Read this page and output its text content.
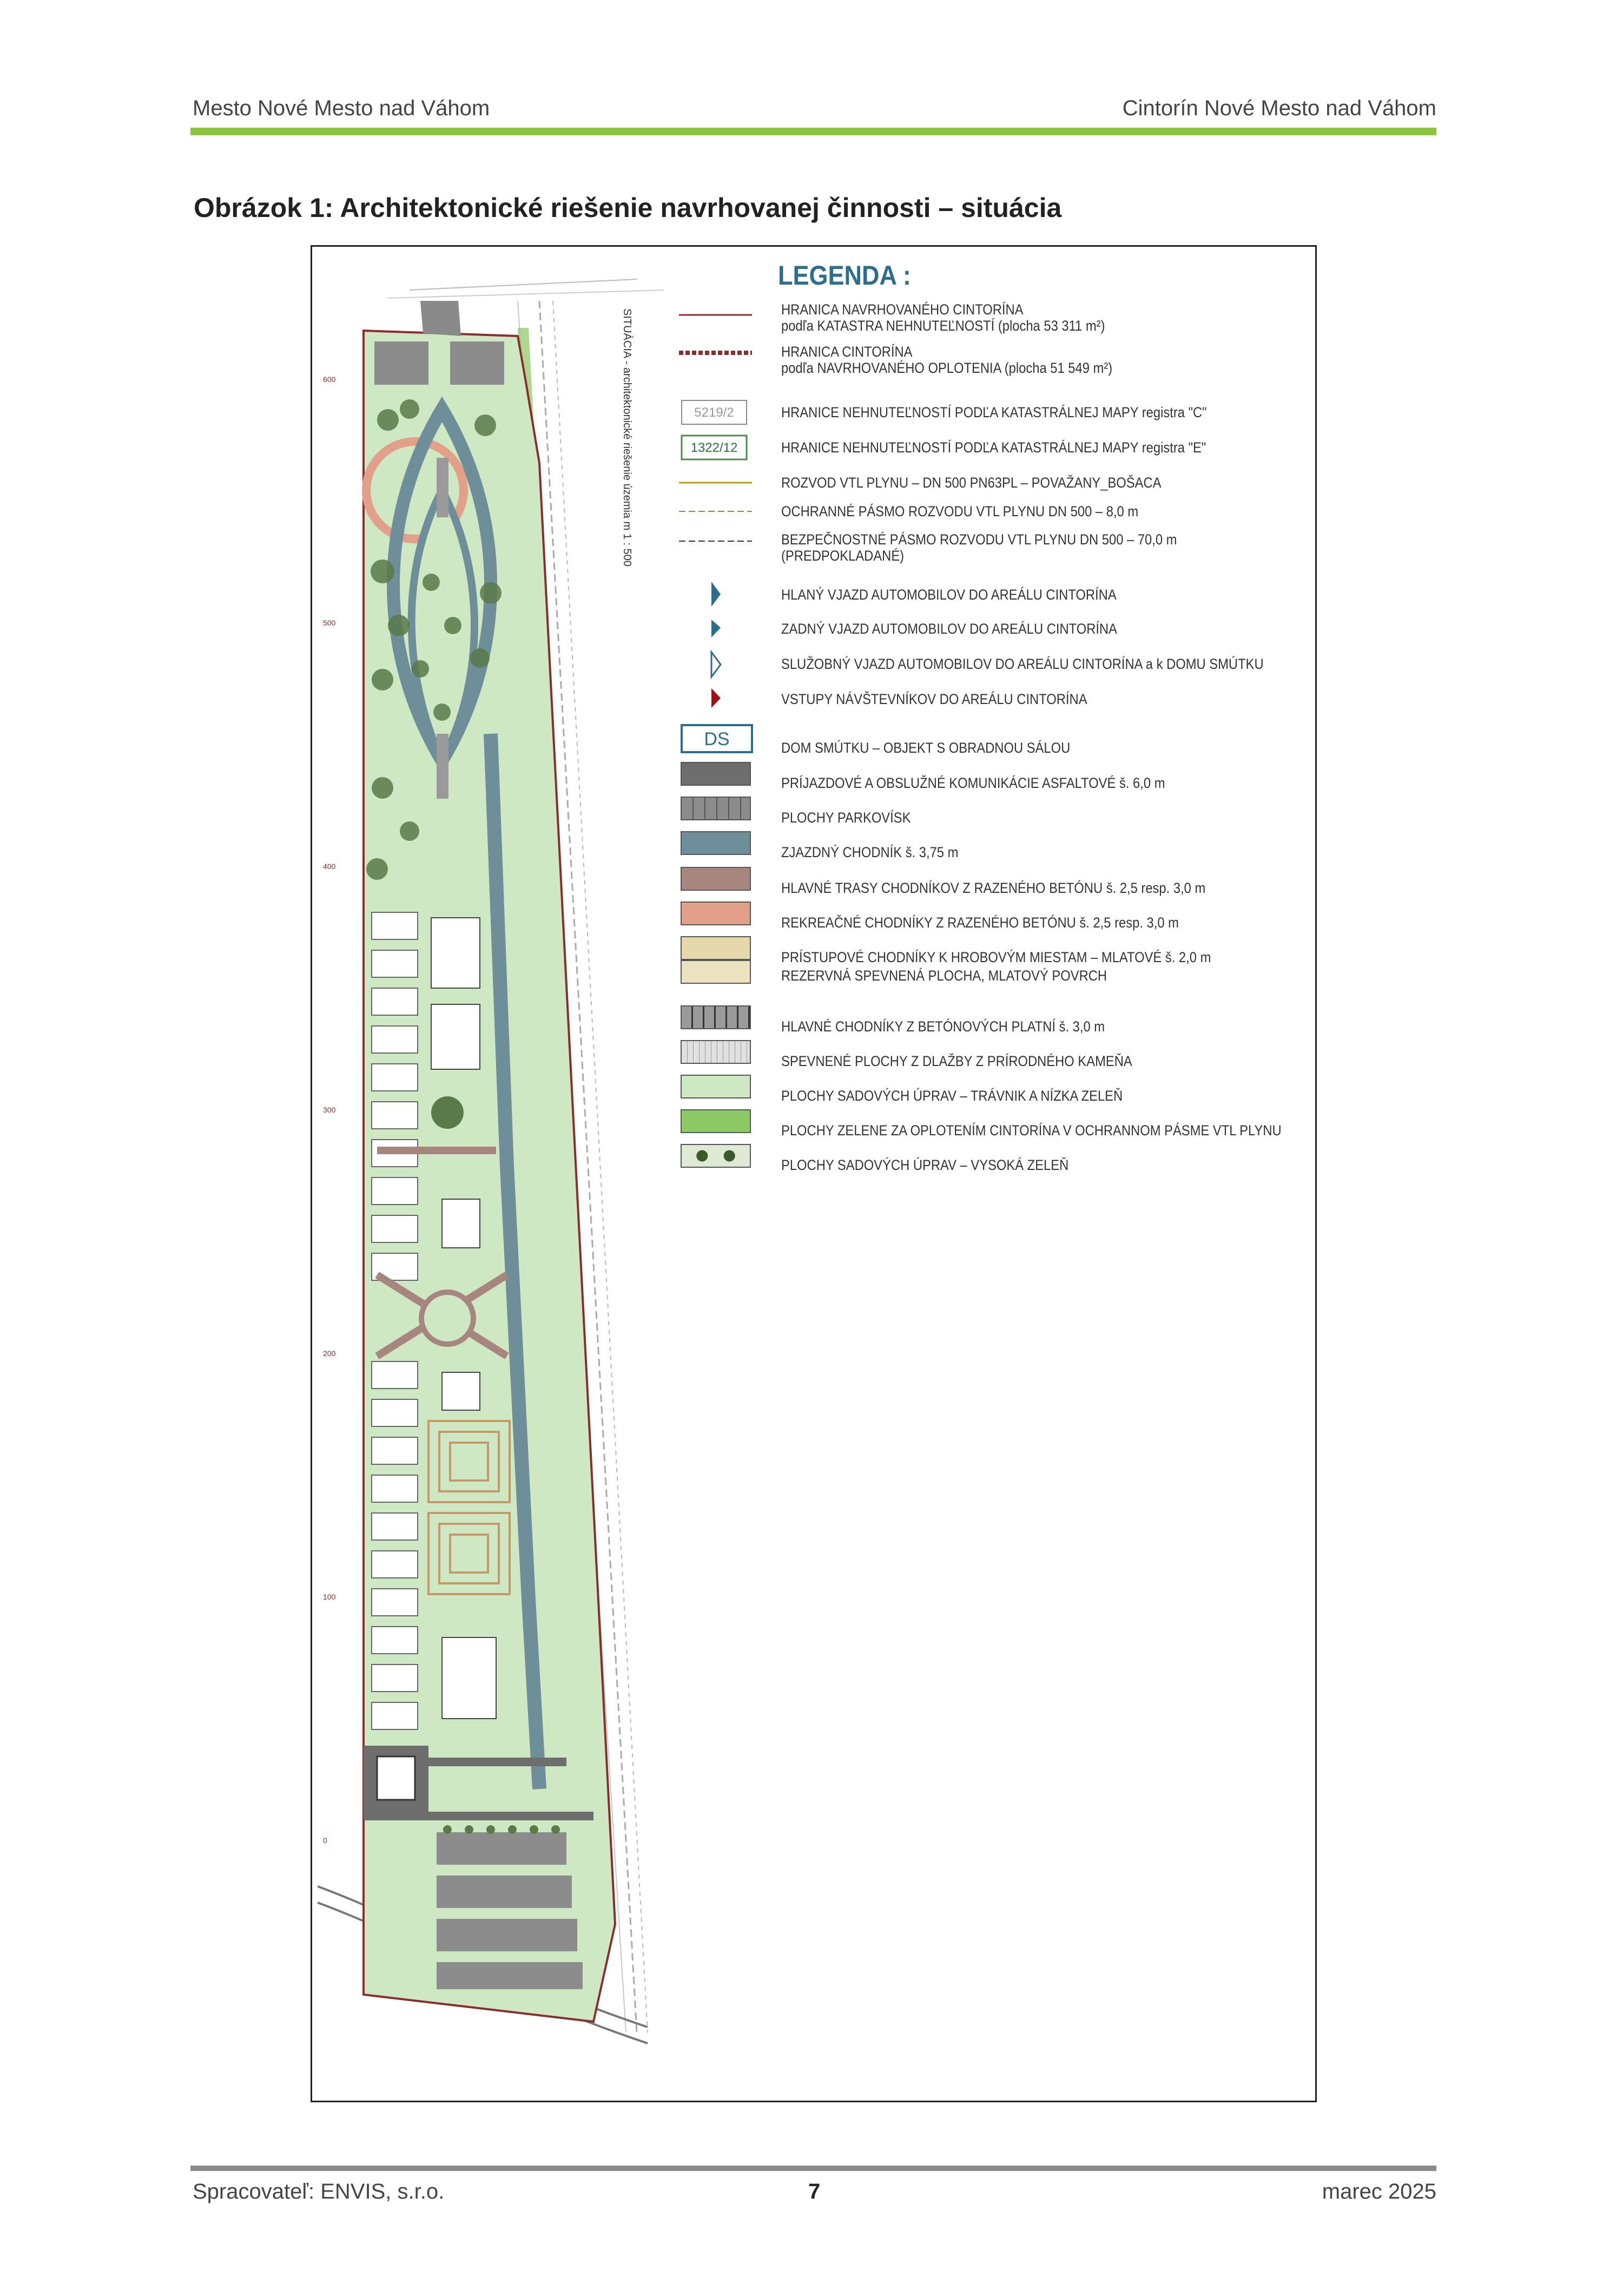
Mesto Nové Mesto nad Váhom	Cintorín Nové Mesto nad Váhom
Obrázok 1: Architektonické riešenie navrhovanej činnosti – situácia
600
500
400
300
200
100
0
SITUÁCIA - architektonické riešenie územia m 1 : 500
LEGENDA :
5219/2
1322/12
DS
HRANICA NAVRHOVANÉHO CINTORÍNA
podľa KATASTRA NEHNUTEĽNOSTÍ (plocha 53 311 m²)
HRANICA CINTORÍNA
podľa NAVRHOVANÉHO OPLOTENIA (plocha 51 549 m²)
HRANICE NEHNUTEĽNOSTÍ PODĽA KATASTRÁLNEJ MAPY registra "C"
HRANICE NEHNUTEĽNOSTÍ PODĽA KATASTRÁLNEJ MAPY registra "E"
ROZVOD VTL PLYNU – DN 500 PN63PL – POVAŽANY_BOŠACA
OCHRANNÉ PÁSMO ROZVODU VTL PLYNU DN 500 – 8,0 m
BEZPEČNOSTNÉ PÁSMO ROZVODU VTL PLYNU DN 500 – 70,0 m
(PREDPOKLADANÉ)
HLANÝ VJAZD AUTOMOBILOV DO AREÁLU CINTORÍNA
ZADNÝ VJAZD AUTOMOBILOV DO AREÁLU CINTORÍNA
SLUŽOBNÝ VJAZD AUTOMOBILOV DO AREÁLU CINTORÍNA a k DOMU SMÚTKU
VSTUPY NÁVŠTEVNÍKOV DO AREÁLU CINTORÍNA
DOM SMÚTKU – OBJEKT S OBRADNOU SÁLOU
PRÍJAZDOVÉ A OBSLUŽNÉ KOMUNIKÁCIE ASFALTOVÉ š. 6,0 m
PLOCHY PARKOVÍSK
ZJAZDNÝ CHODNÍK š. 3,75 m
HLAVNÉ TRASY CHODNÍKOV Z RAZENÉHO BETÓNU š. 2,5 resp. 3,0 m
REKREAČNÉ CHODNÍKY Z RAZENÉHO BETÓNU š. 2,5 resp. 3,0 m
PRÍSTUPOVÉ CHODNÍKY K HROBOVÝM MIESTAM – MLATOVÉ š. 2,0 m
REZERVNÁ SPEVNENÁ PLOCHA, MLATOVÝ POVRCH
HLAVNÉ CHODNÍKY Z BETÓNOVÝCH PLATNÍ š. 3,0 m
SPEVNENÉ PLOCHY Z DLAŽBY Z PRÍRODNÉHO KAMEŇA
PLOCHY SADOVÝCH ÚPRAV – TRÁVNIK A NÍZKA ZELEŇ
PLOCHY ZELENE ZA OPLOTENÍM CINTORÍNA V OCHRANNOM PÁSME VTL PLYNU
PLOCHY SADOVÝCH ÚPRAV – VYSOKÁ ZELEŇ
Spracovateľ: ENVIS, s.r.o.	7	marec 2025
